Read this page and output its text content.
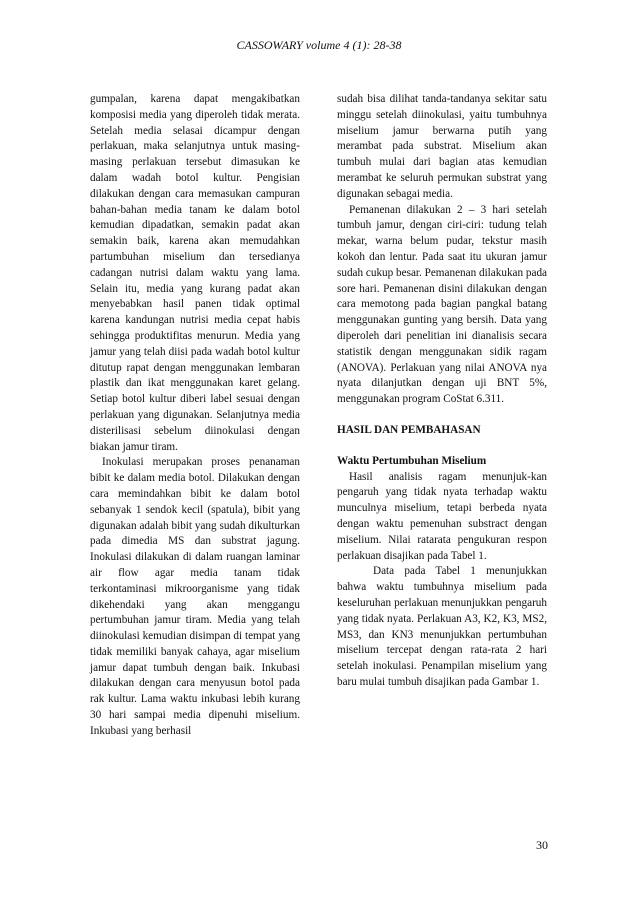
CASSOWARY volume 4 (1): 28-38

gumpalan, karena dapat mengakibatkan komposisi media yang diperoleh tidak merata. Setelah media selasai dicampur dengan perlakuan, maka selanjutnya untuk masing-masing perlakuan tersebut dimasukan ke dalam wadah botol kultur. Pengisian dilakukan dengan cara memasukan campuran bahan-bahan media tanam ke dalam botol kemudian dipadatkan, semakin padat akan semakin baik, karena akan memudahkan partumbuhan miselium dan tersedianya cadangan nutrisi dalam waktu yang lama. Selain itu, media yang kurang padat akan menyebabkan hasil panen tidak optimal karena kandungan nutrisi media cepat habis sehingga produktifitas menurun. Media yang jamur yang telah diisi pada wadah botol kultur ditutup rapat dengan menggunakan lembaran plastik dan ikat menggunakan karet gelang. Setiap botol kultur diberi label sesuai dengan perlakuan yang digunakan. Selanjutnya media disterilisasi sebelum diinokulasi dengan biakan jamur tiram.

Inokulasi merupakan proses penanaman bibit ke dalam media botol. Dilakukan dengan cara memindahkan bibit ke dalam botol sebanyak 1 sendok kecil (spatula), bibit yang digunakan adalah bibit yang sudah dikulturkan pada dimedia MS dan substrat jagung. Inokulasi dilakukan di dalam ruangan laminar air flow agar media tanam tidak terkontaminasi mikroorganisme yang tidak dikehendaki yang akan menggangu pertumbuhan jamur tiram. Media yang telah diinokulasi kemudian disimpan di tempat yang tidak memiliki banyak cahaya, agar miselium jamur dapat tumbuh dengan baik. Inkubasi dilakukan dengan cara menyusun botol pada rak kultur. Lama waktu inkubasi lebih kurang 30 hari sampai media dipenuhi miselium. Inkubasi yang berhasil

sudah bisa dilihat tanda-tandanya sekitar satu minggu setelah diinokulasi, yaitu tumbuhnya miselium jamur berwarna putih yang merambat pada substrat. Miselium akan tumbuh mulai dari bagian atas kemudian merambat ke seluruh permukan substrat yang digunakan sebagai media.

Pemanenan dilakukan 2 – 3 hari setelah tumbuh jamur, dengan ciri-ciri: tudung telah mekar, warna belum pudar, tekstur masih kokoh dan lentur. Pada saat itu ukuran jamur sudah cukup besar. Pemanenan dilakukan pada sore hari. Pemanenan disini dilakukan dengan cara memotong pada bagian pangkal batang menggunakan gunting yang bersih. Data yang diperoleh dari penelitian ini dianalisis secara statistik dengan menggunakan sidik ragam (ANOVA). Perlakuan yang nilai ANOVA nya nyata dilanjutkan dengan uji BNT 5%, menggunakan program CoStat 6.311.

HASIL DAN PEMBAHASAN

Waktu Pertumbuhan Miselium

Hasil analisis ragam menunjuk-kan pengaruh yang tidak nyata terhadap waktu munculnya miselium, tetapi berbeda nyata dengan waktu pemenuhan substract dengan miselium. Nilai ratarata pengukuran respon perlakuan disajikan pada Tabel 1.

Data pada Tabel 1 menunjukkan bahwa waktu tumbuhnya miselium pada keseluruhan perlakuan menunjukkan pengaruh yang tidak nyata. Perlakuan A3, K2, K3, MS2, MS3, dan KN3 menunjukkan pertumbuhan miselium tercepat dengan rata-rata 2 hari setelah inokulasi. Penampilan miselium yang baru mulai tumbuh disajikan pada Gambar 1.

30
